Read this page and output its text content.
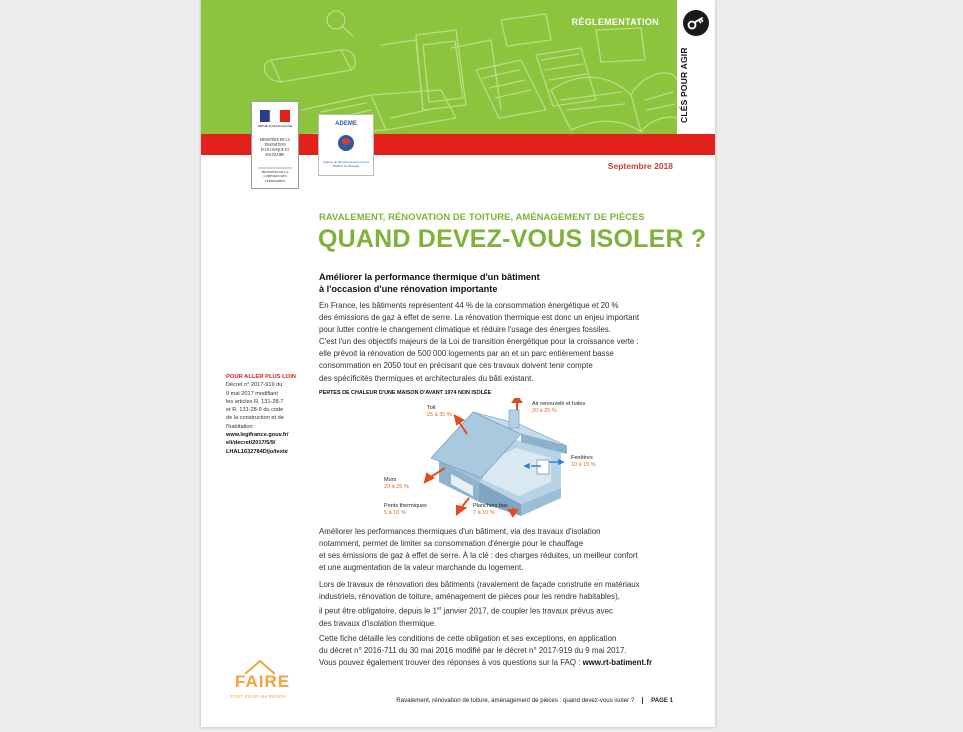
RÉGLEMENTATION
CLÉS POUR AGIR
RÉPUBLIQUE FRANÇAISE
MINISTÈRE DE LA TRANSITION ÉCOLOGIQUE ET SOLIDAIRE
MINISTÈRE DE LA COHÉSION DES TERRITOIRES
ADEME
Agence de l'Environnement et de la Maîtrise de l'Énergie	Septembre 2018
RAVALEMENT, RÉNOVATION DE TOITURE, AMÉNAGEMENT DE PIÈCES
QUAND DEVEZ-VOUS ISOLER ?
Améliorer la performance thermique d'un bâtiment
à l'occasion d'une rénovation importante

En France, les bâtiments représentent 44 % de la consommation énergétique et 20 %

des émissions de gaz à effet de serre. La rénovation thermique est donc un enjeu important

pour lutter contre le changement climatique et réduire l'usage des énergies fossiles.

C'est l'un des objectifs majeurs de la Loi de transition énergétique pour la croissance verte :

elle prévoit la rénovation de 500 000 logements par an et un parc entièrement basse

consommation en 2050 tout en précisant que ces travaux doivent tenir compte

des spécificités thermiques et architecturales du bâti existant.

POUR ALLER PLUS LOIN
Décret n° 2017-919 du
9 mai 2017 modifiant
les articles R. 131-28-7
et R. 131-28-9 du code
de la construction et de
l'habitation :
www.legifrance.gouv.fr/
eli/decret/2017/5/9/
LHAL1632784D/jo/texte
PERTES DE CHALEUR D'UNE MAISON D'AVANT 1974 NON ISOLÉE
Toit
25 à 30 %
Air renouvelé et fuites
20 à 25 %
Fenêtres
10 à 15 %
Murs
20 à 25 %
Ponts thermiques
5 à 10 %
Planchers bas
7 à 10 %

Améliorer les performances thermiques d'un bâtiment, via des travaux d'isolation

notamment, permet de limiter sa consommation d'énergie pour le chauffage

et ses émissions de gaz à effet de serre. À la clé : des charges réduites, un meilleur confort

et une augmentation de la valeur marchande du logement.

Lors de travaux de rénovation des bâtiments (ravalement de façade construite en matériaux

industriels, rénovation de toiture, aménagement de pièces pour les rendre habitables),

il peut être obligatoire, depuis le 1er janvier 2017, de coupler les travaux prévus avec

des travaux d'isolation thermique.

Cette fiche détaille les conditions de cette obligation et ses exceptions, en application

du décret n° 2016-711 du 30 mai 2016 modifié par le décret n° 2017-919 du 9 mai 2017.

Vous pouvez également trouver des réponses à vos questions sur la FAQ : www.rt-batiment.fr

FAIRE
TOUT POUR MA RÉNOV
Ravalement, rénovation de toiture, aménagement de pièces : quand devez-vous isoler ?	PAGE 1
